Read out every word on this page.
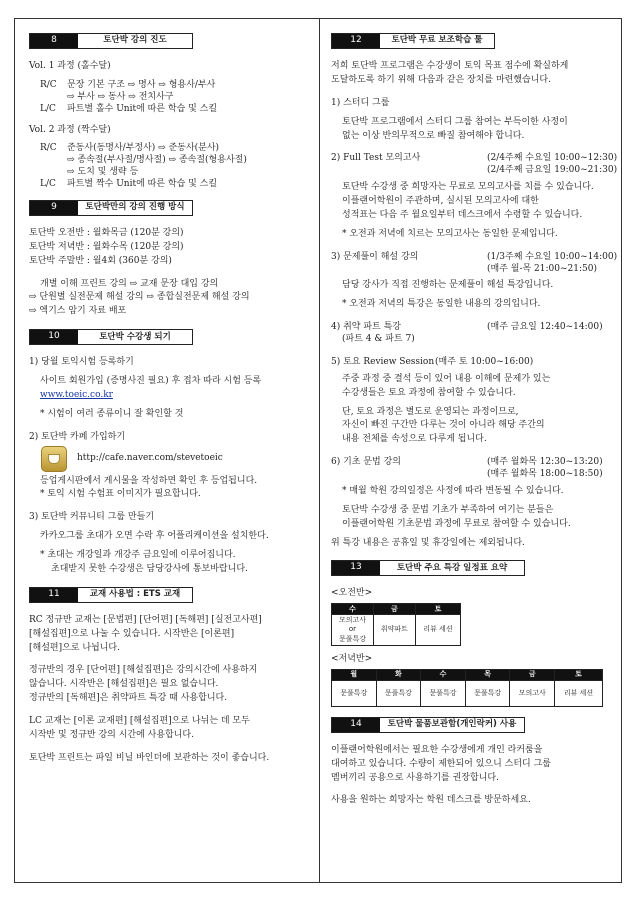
8	토단박 강의 진도

Vol. 1 과정 (홀수달)

R/C	문장 기본 구조 ⇨ 명사 ⇨ 형용사/부사
⇨ 부사 ⇨ 동사 ⇨ 전치사구
L/C	파트별 홀수 Unit에 따른 학습 및 스킬

Vol. 2 과정 (짝수달)

R/C	준동사(동명사/부정사) ⇨ 준동사(분사)
⇨ 종속절(부사절/명사절) ⇨ 종속절(형용사절)
⇨ 도치 및 생략 등
L/C	파트별 짝수 Unit에 따른 학습 및 스킬
9	토단박만의 강의 진행 방식

토단박 오전반 : 월화목금 (120분 강의)

토단박 저녁반 : 월화수목 (120분 강의)

토단박 주말반 : 월4회 (360분 강의)

개별 이해 프린트 강의 ⇨ 교재 문장 대입 강의

⇨ 단원별 실전문제 해설 강의 ⇨ 종합실전문제 해설 강의

⇨ 엑기스 암기 자료 배포

10	토단박 수강생 되기

1) 당월 토익시험 등록하기

사이트 회원가입 (증명사진 필요) 후 접차 따라 시험 등록

www.toeic.co.kr

* 시험이 여러 종류이니 잘 확인할 것

2) 토단박 카페 가입하기

http://cafe.naver.com/stevetoeic

등업게시판에서 게시물을 작성하면 확인 후 등업됩니다.

* 토익 시험 수험표 이미지가 필요합니다.

3) 토단박 커뮤니티 그룹 만들기

카카오그룹 초대가 오면 수락 후 어플리케이션을 설치한다.

* 초대는 개강일과 개강주 금요일에 이루어집니다.

초대받지 못한 수강생은 담당강사에 통보바랍니다.

11	교재 사용법 : ETS 교재

RC 정규반 교재는 [문법편] [단어편] [독해편] [실전고사편]

[해설집편]으로 나눌 수 있습니다. 시작반은 [이론편]

[해설편]으로 나뉩니다.

정규반의 경우 [단어편] [해설집편]은 강의시간에 사용하지

않습니다. 시작반은 [해설집편]은 필요 없습니다.

정규반의 [독해편]은 취약파트 특강 때 사용합니다.

LC 교재는 [이론 교재편] [해설집편]으로 나뉘는 데 모두

시작반 및 정규반 강의 시간에 사용합니다.

토단박 프린트는 파일 비닐 바인더에 보관하는 것이 좋습니다.

12	토단박 무료 보조학습 툴

저희 토단박 프로그램은 수강생이 토익 목표 점수에 확실하게

도달하도록 하기 위해 다음과 같은 장치를 마련했습니다.

1) 스터디 그룹

토단박 프로그램에서 스터디 그룹 참여는 부득이한 사정이

없는 이상 반의무적으로 빠질 참여해야 합니다.

2) Full Test 모의고사	(2/4주째 수요일 10:00~12:30)
(2/4주째 금요일 19:00~21:30)

토단박 수강생 중 희망자는 무료로 모의고사를 치를 수 있습니다.

이플랜어학원이 주관하며, 실시된 모의고사에 대한

성적표는 다음 주 월요일부터 데스크에서 수령할 수 있습니다.

* 오전과 저녁에 치르는 모의고사는 동일한 문제입니다.

3) 문제풀이 해설 강의	(1/3주째 수요일 10:00~14:00)
(매주 월-목 21:00~21:50)

담당 강사가 직접 진행하는 문제풀이 해설 특강입니다.

* 오전과 저녁의 특강은 동일한 내용의 강의입니다.

4) 취약 파트 특강	(매주 금요일 12:40~14:00)

(파트 4 & 파트 7)

5) 토요 Review Session (매주 토 10:00~16:00)

주중 과정 중 결석 등이 있어 내용 이해에 문제가 있는

수강생들은 토요 과정에 참여할 수 있습니다.

단, 토요 과정은 별도로 운영되는 과정이므로,

자신이 빠진 구간만 다루는 것이 아니라 해당 주간의

내용 전체를 속성으로 다루게 됩니다.

6) 기초 문법 강의	(매주 월화목 12:30~13:20)
(매주 월화목 18:00~18:50)

* 매월 학원 강의일정은 사정에 따라 변동될 수 있습니다.

토단박 수강생 중 문법 기초가 부족하여 여기는 분들은

이플랜어학원 기초문법 과정에 무료로 참여할 수 있습니다.

위 특강 내용은 공휴일 및 휴강일에는 제외됩니다.

13	토단박 주요 특강 일정표 요약

<오전반>

수	금	토
모의고사
or
문풀특강	취약파트	리뷰 세션

<저녁반>

월	화	수	목	금	토
문풀특강	문풀특강	문풀특강	문풀특강	모의고사	리뷰 세션
14	토단박 물품보관함(개인락커) 사용

이플랜어학원에서는 필요한 수강생에게 개인 라커룸을

대여하고 있습니다. 수량이 제한되어 있으니 스터디 그룹

멤버끼리 공용으로 사용하기를 권장합니다.

사용을 원하는 희망자는 학원 데스크를 방문하세요.
